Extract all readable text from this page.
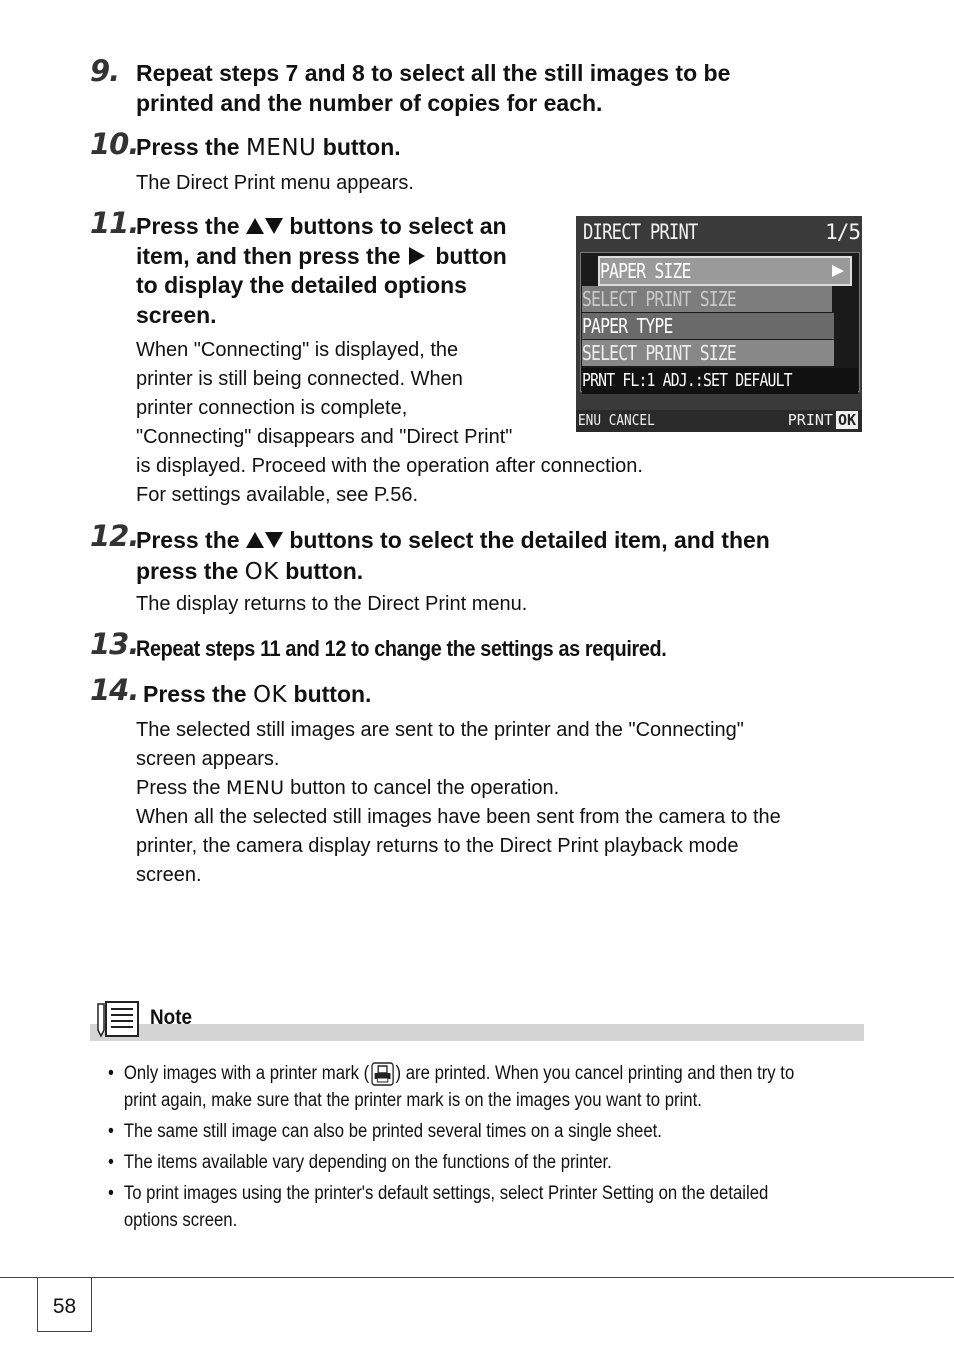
9. Repeat steps 7 and 8 to select all the still images to be
printed and the number of copies for each.
10.
Press the MENU button.
The Direct Print menu appears.
11.
Press the buttons to select an
item, and then press the button
to display the detailed options
screen.
When "Connecting" is displayed, the
printer is still being connected. When
printer connection is complete,
"Connecting" disappears and "Direct Print"
is displayed. Proceed with the operation after connection.
For settings available, see P.56.
DIRECT PRINT	1/5
PAPER SIZE
SELECT PRINT SIZE
PAPER TYPE
SELECT PRINT SIZE
PRNT FL:1 ADJ.:SET DEFAULT
ENU CANCEL	PRINT OK
12.
Press the buttons to select the detailed item, and then
press the OK button.
The display returns to the Direct Print menu.
13.
Repeat steps 11 and 12 to change the settings as required.
14. Press the OK button.
The selected still images are sent to the printer and the "Connecting"
screen appears.
Press the MENU button to cancel the operation.
When all the selected still images have been sent from the camera to the
printer, the camera display returns to the Direct Print playback mode
screen.
Note
• Only images with a printer mark ( ) are printed. When you cancel printing and then try to
print again, make sure that the printer mark is on the images you want to print.
• The same still image can also be printed several times on a single sheet.
• The items available vary depending on the functions of the printer.
• To print images using the printer's default settings, select Printer Setting on the detailed
options screen.
58
